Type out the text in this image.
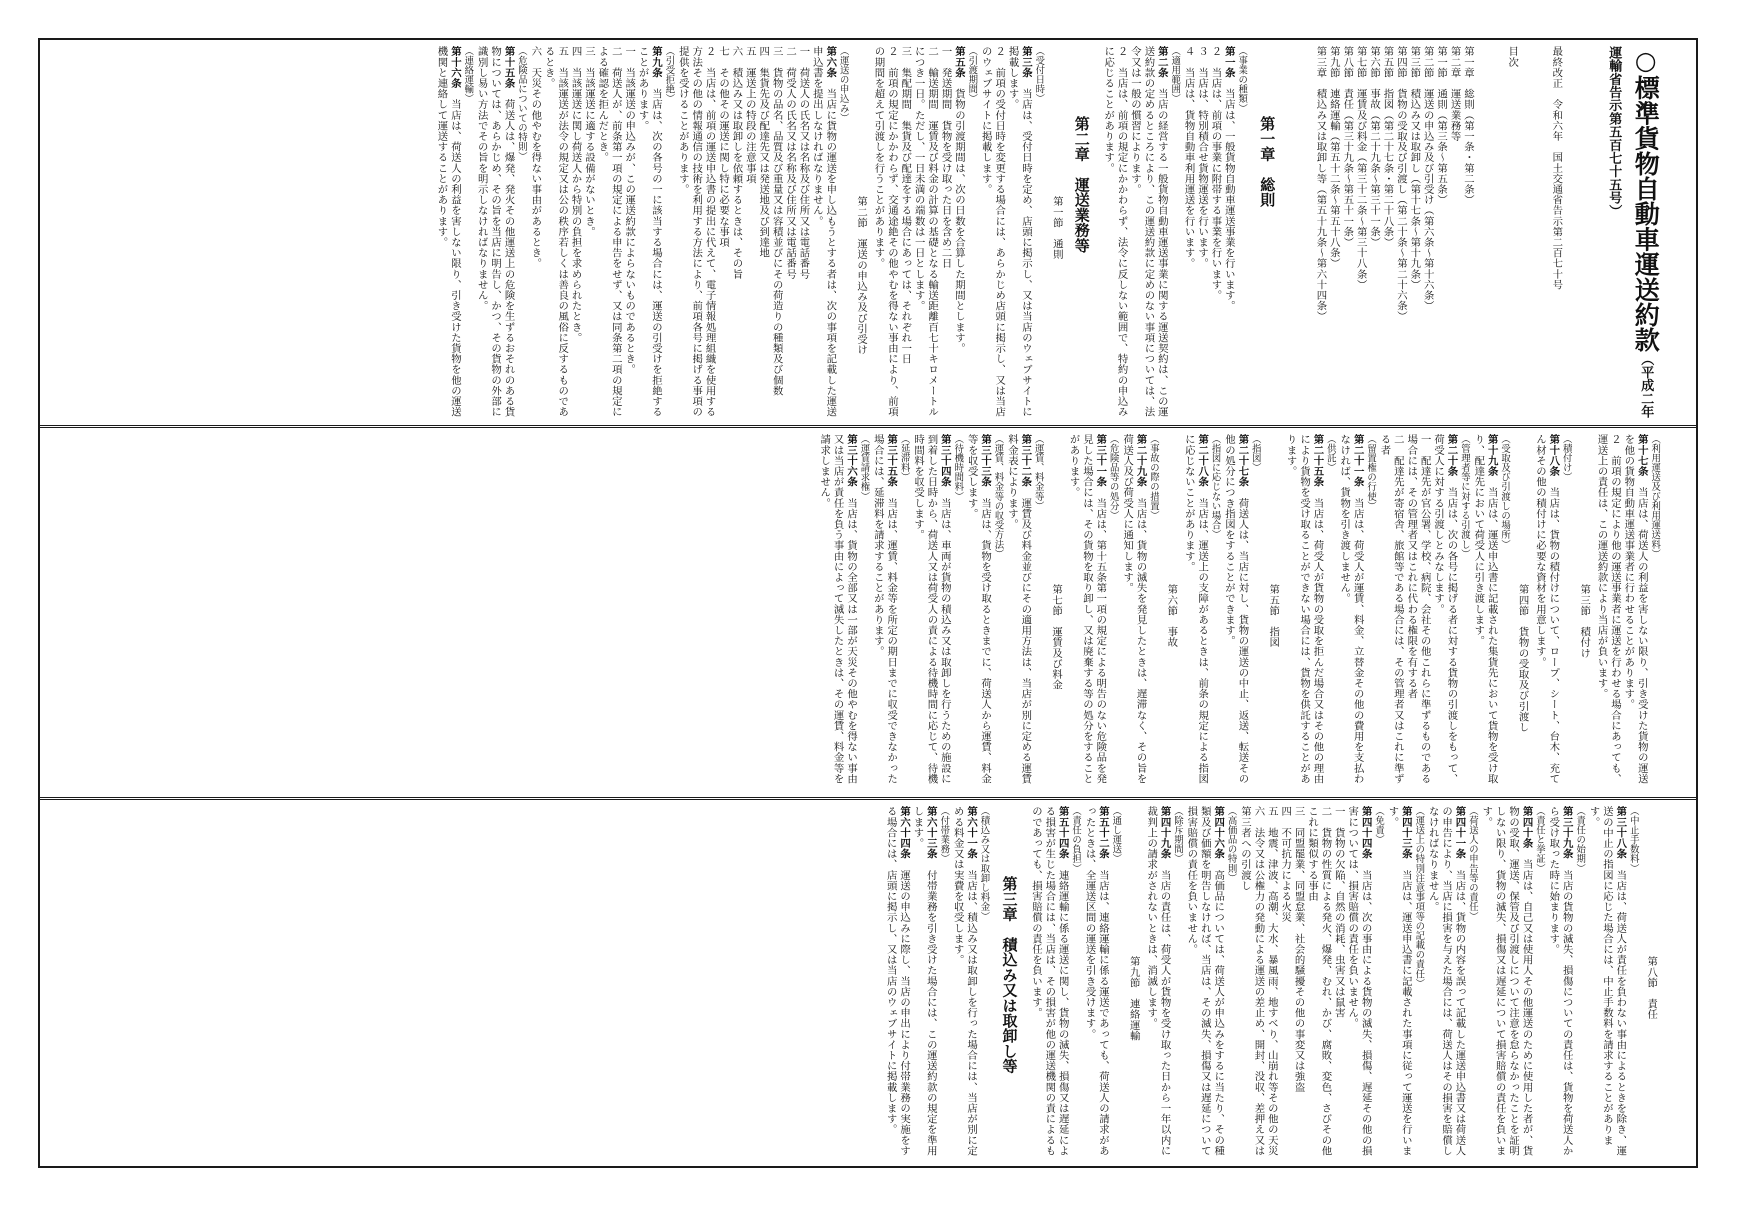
○標準貨物自動車運送約款（平成二年運輸省告示第五百七十五号）

最終改正　令和六年　国土交通省告示第二百七十号

目次

第一章　総則（第一条・第二条）

第二章　運送業務等

第一節　通則（第三条～第五条）

第二節　運送の申込み及び引受け（第六条～第十六条）

第三節　積込み又は取卸し（第十七条～第十九条）

第四節　貨物の受取及び引渡し（第二十条～第二十六条）

第五節　指図（第二十七条・第二十八条）

第六節　事故（第二十九条～第三十一条）

第七節　運賃及び料金（第三十二条～第三十八条）

第八節　責任（第三十九条～第五十一条）

第九節　連絡運輸（第五十二条～第五十八条）

第三章　積込み又は取卸し等（第五十九条～第六十四条）

第一章　総則

（事業の種類）

第一条　当店は、一般貨物自動車運送事業を行います。

２　当店は、前項の事業に附帯する事業を行います。

３　当店は、特別積合せ貨物運送を行います。

４　当店は、貨物自動車利用運送を行います。

（適用範囲）

第二条　当店の経営する一般貨物自動車運送事業に関する運送契約は、この運送約款の定めるところにより、この運送約款に定めのない事項については、法令又は一般の慣習によります。

２　当店は、前項の規定にかかわらず、法令に反しない範囲で、特約の申込みに応じることがあります。

第二章　運送業務等

第一節　通則

（受付日時）

第三条　当店は、受付日時を定め、店頭に掲示し、又は当店のウェブサイトに掲載します。

２　前項の受付日時を変更する場合には、あらかじめ店頭に掲示し、又は当店のウェブサイトに掲載します。

（引渡期間）

第五条　貨物の引渡期間は、次の日数を合算した期間とします。

一　発送期間　貨物を受け取った日を含め二日

二　輸送期間　運賃及び料金の計算の基礎となる輸送距離百七十キロメートルにつき一日。ただし、一日未満の端数は一日とします。

三　集配期間　集貨及び配達をする場合にあっては、それぞれ一日

２　前項の規定にかかわらず、交通途絶その他やむを得ない事由により、前項の期間を超えて引渡しを行うことがあります。

第二節　運送の申込み及び引受け

（運送の申込み）

第六条　当店に貨物の運送を申し込もうとする者は、次の事項を記載した運送申込書を提出しなければなりません。

一　荷送人の氏名又は名称及び住所又は電話番号

二　荷受人の氏名又は名称及び住所又は電話番号

三　貨物の品名、品質及び重量又は容積並びにその荷造りの種類及び個数

四　集貨先及び配達先又は発送地及び到達地

五　運送上の特段の注意事項

六　積込み又は取卸しを依頼するときは、その旨

七　その他その運送に関し特に必要な事項

２　当店は、前項の運送申込書の提出に代えて、電子情報処理組織を使用する方法その他の情報通信の技術を利用する方法により、前項各号に掲げる事項の提供を受けることがあります。

（引受拒絶）

第九条　当店は、次の各号の一に該当する場合には、運送の引受けを拒絶することがあります。

一　当該運送の申込みが、この運送約款によらないものであるとき。

二　荷送人が、前条第一項の規定による申告をせず、又は同条第二項の規定による確認を拒んだとき。

三　当該運送に適する設備がないとき。

四　当該運送に関し荷送人から特別の負担を求められたとき。

五　当該運送が法令の規定又は公の秩序若しくは善良の風俗に反するものであるとき。

六　天災その他やむを得ない事由があるとき。

（危険品についての特則）

第十五条　荷送人は、爆発、発火その他運送上の危険を生ずるおそれのある貨物については、あらかじめ、その旨を当店に明告し、かつ、その貨物の外部に識別し易い方法でその旨を明示しなければなりません。

（連絡運輸）

第十六条　当店は、荷送人の利益を害しない限り、引き受けた貨物を他の運送機関と連絡して運送することがあります。

（利用運送及び利用運送料）

第十七条　当店は、荷送人の利益を害しない限り、引き受けた貨物の運送を他の貨物自動車運送事業者に行わせることがあります。

２　前項の規定により他の運送事業者に運送を行わせる場合にあっても、運送上の責任は、この運送約款により当店が負います。

第三節　積付け

（積付け）

第十八条　当店は、貨物の積付けについて、ロープ、シート、台木、充てん材その他の積付けに必要な資材を用意します。

第四節　貨物の受取及び引渡し

（受取及び引渡しの場所）

第十九条　当店は、運送申込書に記載された集貨先において貨物を受け取り、配達先において荷受人に引き渡します。

（管理者等に対する引渡し）

第二十条　当店は、次の各号に掲げる者に対する貨物の引渡しをもって、荷受人に対する引渡しとみなします。

一　配達先が官公署、学校、病院、会社その他これらに準ずるものである場合には、その管理者又はこれに代わる権限を有する者

二　配達先が寄宿舎、旅館等である場合には、その管理者又はこれに準ずる者

（留置権の行使）

第二十一条　当店は、荷受人が運賃、料金、立替金その他の費用を支払わなければ、貨物を引き渡しません。

（供託）

第二十五条　当店は、荷受人が貨物の受取を拒んだ場合又はその他の理由により貨物を受け取ることができない場合には、貨物を供託することがあります。

第五節　指図

（指図）

第二十七条　荷送人は、当店に対し、貨物の運送の中止、返送、転送その他の処分につき指図をすることができます。

（指図に応じない場合）

第二十八条　当店は、運送上の支障があるときは、前条の規定による指図に応じないことがあります。

第六節　事故

（事故の際の措置）

第二十九条　当店は、貨物の滅失を発見したときは、遅滞なく、その旨を荷送人及び荷受人に通知します。

（危険品等の処分）

第三十一条　当店は、第十五条第一項の規定による明告のない危険品を発見した場合には、その貨物を取り卸し、又は廃棄する等の処分をすることがあります。

第七節　運賃及び料金

（運賃、料金等）

第三十二条　運賃及び料金並びにその適用方法は、当店が別に定める運賃料金表によります。

（運賃、料金等の収受方法）

第三十三条　当店は、貨物を受け取るときまでに、荷送人から運賃、料金等を収受します。

（待機時間料）

第三十四条　当店は、車両が貨物の積込み又は取卸しを行うための施設に到着した日時から、荷送人又は荷受人の責による待機時間に応じて、待機時間料を収受します。

（延滞料）

第三十五条　当店は、運賃、料金等を所定の期日までに収受できなかった場合には、延滞料を請求することがあります。

（運賃請求権）

第三十六条　当店は、貨物の全部又は一部が天災その他やむを得ない事由又は当店が責任を負う事由によって滅失したときは、その運賃、料金等を請求しません。

第八節　責任

（中止手数料）

第三十八条　当店は、荷送人が責任を負わない事由によるときを除き、運送の中止の指図に応じた場合には、中止手数料を請求することがあります。

（責任の始期）

第三十九条　当店の貨物の滅失、損傷についての責任は、貨物を荷送人から受け取った時に始まります。

（責任と挙証）

第四十条　当店は、自己又は使用人その他運送のために使用した者が、貨物の受取、運送、保管及び引渡しについて注意を怠らなかったことを証明しない限り、貨物の滅失、損傷又は遅延について損害賠償の責任を負います。

（荷送人の申告等の責任）

第四十一条　当店は、貨物の内容を誤って記載した運送申込書又は荷送人の申告により、当店に損害を与えた場合には、荷送人はその損害を賠償しなければなりません。

（運送上の特別注意事項等の記載の責任）

第四十三条　当店は、運送申込書に記載された事項に従って運送を行います。

（免責）

第四十四条　当店は、次の事由による貨物の滅失、損傷、遅延その他の損害については、損害賠償の責任を負いません。

一　貨物の欠陥、自然の消耗、虫害又は鼠害

二　貨物の性質による発火、爆発、むれ、かび、腐敗、変色、さびその他これに類似する事由

三　同盟罷業、同盟怠業、社会的騒擾その他の事変又は強盗

四　不可抗力による火災

五　地震、津波、高潮、大水、暴風雨、地すべり、山崩れ等その他の天災

六　法令又は公権力の発動による運送の差止め、開封、没収、差押え又は第三者への引渡し

（高価品の特則）

第四十六条　高価品については、荷送人が申込みをするに当たり、その種類及び価額を明告しなければ、当店は、その滅失、損傷又は遅延について損害賠償の責任を負いません。

（除斥期間）

第四十九条　当店の責任は、荷受人が貨物を受け取った日から一年以内に裁判上の請求がされないときは、消滅します。

第九節　連絡運輸

（通し運送）

第五十二条　当店は、連絡運輸に係る運送であっても、荷送人の請求があったときは、全運送区間の運送を引き受けます。

（責任の負担）

第五十四条　連絡運輸に係る運送に関し、貨物の滅失、損傷又は遅延による損害が生じた場合には、当店は、その損害が他の運送機関の責によるものであっても、損害賠償の責任を負います。

第三章　積込み又は取卸し等

（積込み又は取卸し料金）

第六十一条　当店は、積込み又は取卸しを行った場合には、当店が別に定める料金又は実費を収受します。

（付帯業務）

第六十三条　付帯業務を引き受けた場合には、この運送約款の規定を準用します。

第六十四条　運送の申込みに際し、当店の申出により付帯業務の実施をする場合には、店頭に掲示し、又は当店のウェブサイトに掲載します。
